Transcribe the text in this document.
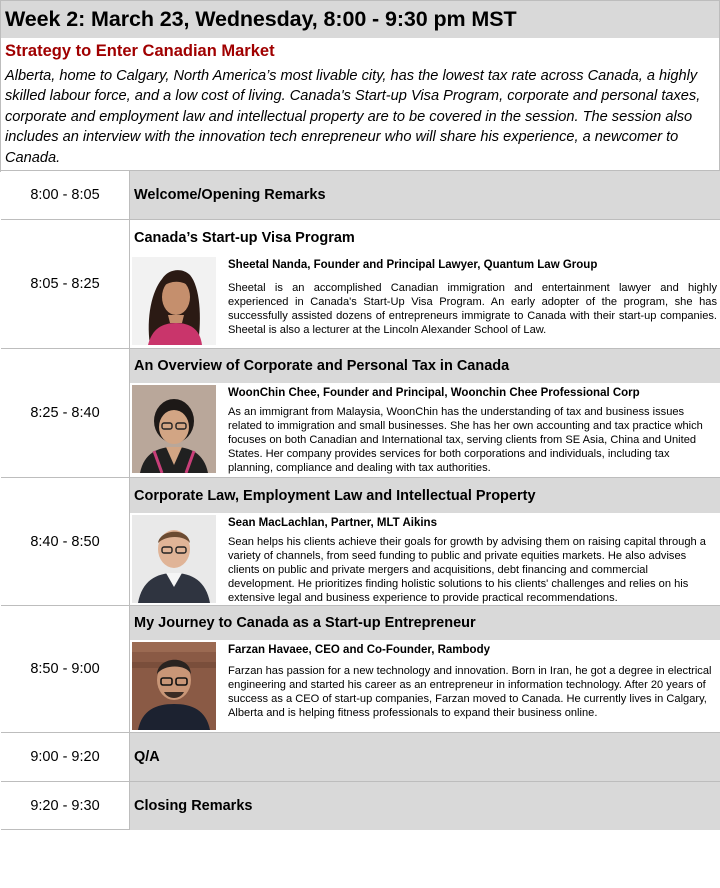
Week 2: March 23, Wednesday, 8:00 - 9:30 pm MST
Strategy to Enter Canadian Market
Alberta, home to Calgary, North America’s most livable city, has the lowest tax rate across Canada, a highly skilled labour force, and a low cost of living. Canada's Start-up Visa Program, corporate and personal taxes, corporate and employment law and intellectual property are to be covered in the session. The session also includes an interview with the innovation tech enrepreneur who will share his experience, a newcomer to Canada.
8:00 - 8:05	Welcome/Opening Remarks
8:05 - 8:25
Canada’s Start-up Visa Program
Sheetal Nanda, Founder and Principal Lawyer, Quantum Law Group
Sheetal is an accomplished Canadian immigration and entertainment lawyer and highly experienced in Canada's Start-Up Visa Program. An early adopter of the program, she has successfully assisted dozens of entrepreneurs immigrate to Canada with their start-up companies. Sheetal is also a lecturer at the Lincoln Alexander School of Law.
8:25 - 8:40
An Overview of Corporate and Personal Tax in Canada
WoonChin Chee, Founder and Principal, Woonchin Chee Professional Corp
As an immigrant from Malaysia, WoonChin has the understanding of tax and business issues related to immigration and small businesses. She has her own accounting and tax practice which focuses on both Canadian and International tax, serving clients from SE Asia, China and United States. Her company provides services for both corporations and individuals, including tax planning, compliance and dealing with tax authorities.
8:40 - 8:50
Corporate Law, Employment Law and Intellectual Property
Sean MacLachlan, Partner, MLT Aikins
Sean helps his clients achieve their goals for growth by advising them on raising capital through a variety of channels, from seed funding to public and private equities markets. He also advises clients on public and private mergers and acquisitions, debt financing and commercial development. He prioritizes finding holistic solutions to his clients' challenges and relies on his extensive legal and business experience to provide practical recommendations.
8:50 - 9:00
My Journey to Canada as a Start-up Entrepreneur
Farzan Havaee, CEO and Co-Founder, Rambody
Farzan has passion for a new technology and innovation. Born in Iran, he got a degree in electrical engineering and started his career as an entrepreneur in information technology. After 20 years of success as a CEO of start-up companies, Farzan moved to Canada. He currently lives in Calgary, Alberta and is helping fitness professionals to expand their business online.
9:00 - 9:20	Q/A
9:20 - 9:30	Closing Remarks
